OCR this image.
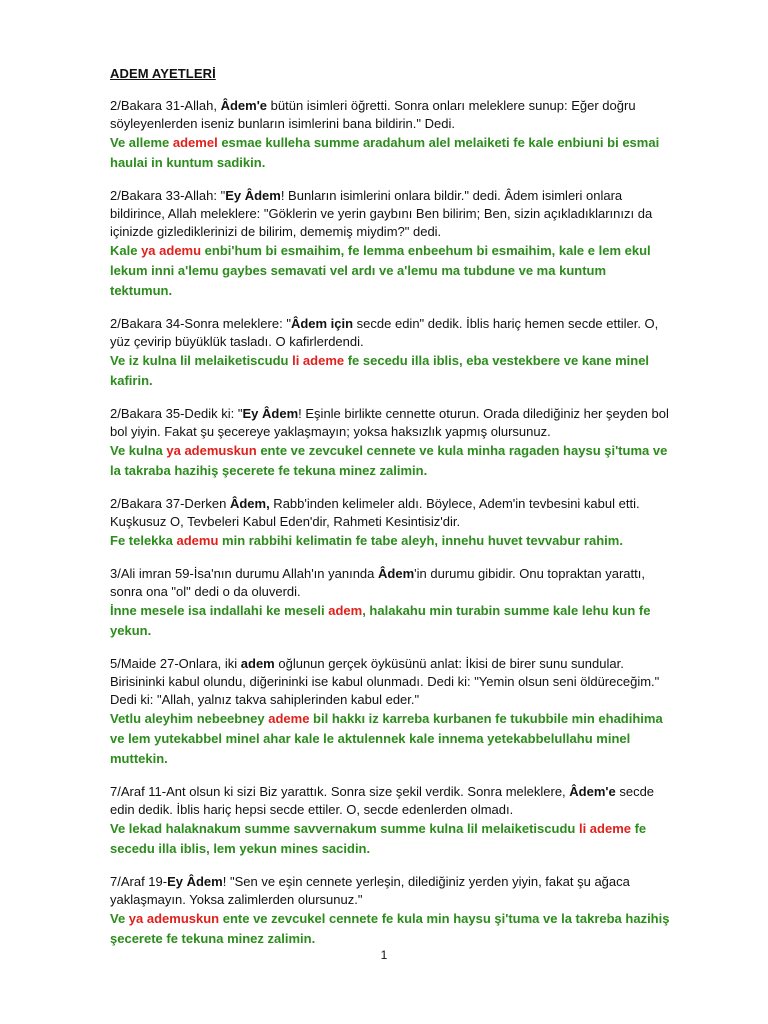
ADEM AYETLERİ

2/Bakara 31-Allah, Âdem'e bütün isimleri öğretti. Sonra onları meleklere sunup: Eğer doğru söyleyenlerden iseniz bunların isimlerini bana bildirin." Dedi.

Ve alleme ademel esmae kulleha summe aradahum alel melaiketi fe kale enbiuni bi esmai haulai in kuntum sadikin.

2/Bakara 33-Allah: "Ey Âdem! Bunların isimlerini onlara bildir." dedi. Âdem isimleri onlara bildirince, Allah meleklere: "Göklerin ve yerin gaybını Ben bilirim; Ben, sizin açıkladıklarınızı da içinizde gizlediklerinizi de bilirim, dememiş miydim?" dedi.

Kale ya ademu enbi'hum bi esmaihim, fe lemma enbeehum bi esmaihim, kale e lem ekul lekum inni a'lemu gaybes semavati vel ardı ve a'lemu ma tubdune ve ma kuntum tektumun.

2/Bakara 34-Sonra meleklere: "Âdem için secde edin" dedik. İblis hariç hemen secde ettiler. O, yüz çevirip büyüklük tasladı. O kafirlerdendi.

Ve iz kulna lil melaiketiscudu li ademe fe secedu illa iblis, eba vestekbere ve kane minel kafirin.

2/Bakara 35-Dedik ki: "Ey Âdem! Eşinle birlikte cennette oturun. Orada dilediğiniz her şeyden bol bol yiyin. Fakat şu şecereye yaklaşmayın; yoksa haksızlık yapmış olursunuz.

Ve kulna ya ademuskun ente ve zevcukel cennete ve kula minha ragaden haysu şi'tuma ve la takraba hazihiş şecerete fe tekuna minez zalimin.

2/Bakara 37-Derken Âdem, Rabb'inden kelimeler aldı. Böylece, Adem'in tevbesini kabul etti. Kuşkusuz O, Tevbeleri Kabul Eden'dir, Rahmeti Kesintisiz'dir.

Fe telekka ademu min rabbihi kelimatin fe tabe aleyh, innehu huvet tevvabur rahim.

3/Ali imran 59-İsa'nın durumu Allah'ın yanında Âdem'in durumu gibidir. Onu topraktan yarattı, sonra ona "ol" dedi o da oluverdi.

İnne mesele isa indallahi ke meseli adem, halakahu min turabin summe kale lehu kun fe yekun.

5/Maide 27-Onlara, iki adem oğlunun gerçek öyküsünü anlat: İkisi de birer sunu sundular. Birisininki kabul olundu, diğerininki ise kabul olunmadı. Dedi ki: "Yemin olsun seni öldüreceğim." Dedi ki: "Allah, yalnız takva sahiplerinden kabul eder."

Vetlu aleyhim nebeebney ademe bil hakkı iz karreba kurbanen fe tukubbile min ehadihima ve lem yutekabbel minel ahar kale le aktulennek kale innema yetekabbelullahu minel muttekin.

7/Araf 11-Ant olsun ki sizi Biz yarattık. Sonra size şekil verdik. Sonra meleklere, Âdem'e secde edin dedik. İblis hariç hepsi secde ettiler. O, secde edenlerden olmadı.

Ve lekad halaknakum summe savvernakum summe kulna lil melaiketiscudu li ademe fe secedu illa iblis, lem yekun mines sacidin.

7/Araf 19-Ey Âdem! "Sen ve eşin cennete yerleşin, dilediğiniz yerden yiyin, fakat şu ağaca yaklaşmayın. Yoksa zalimlerden olursunuz."

Ve ya ademuskun ente ve zevcukel cennete fe kula min haysu şi'tuma ve la takreba hazihiş şecerete fe tekuna minez zalimin.

1
